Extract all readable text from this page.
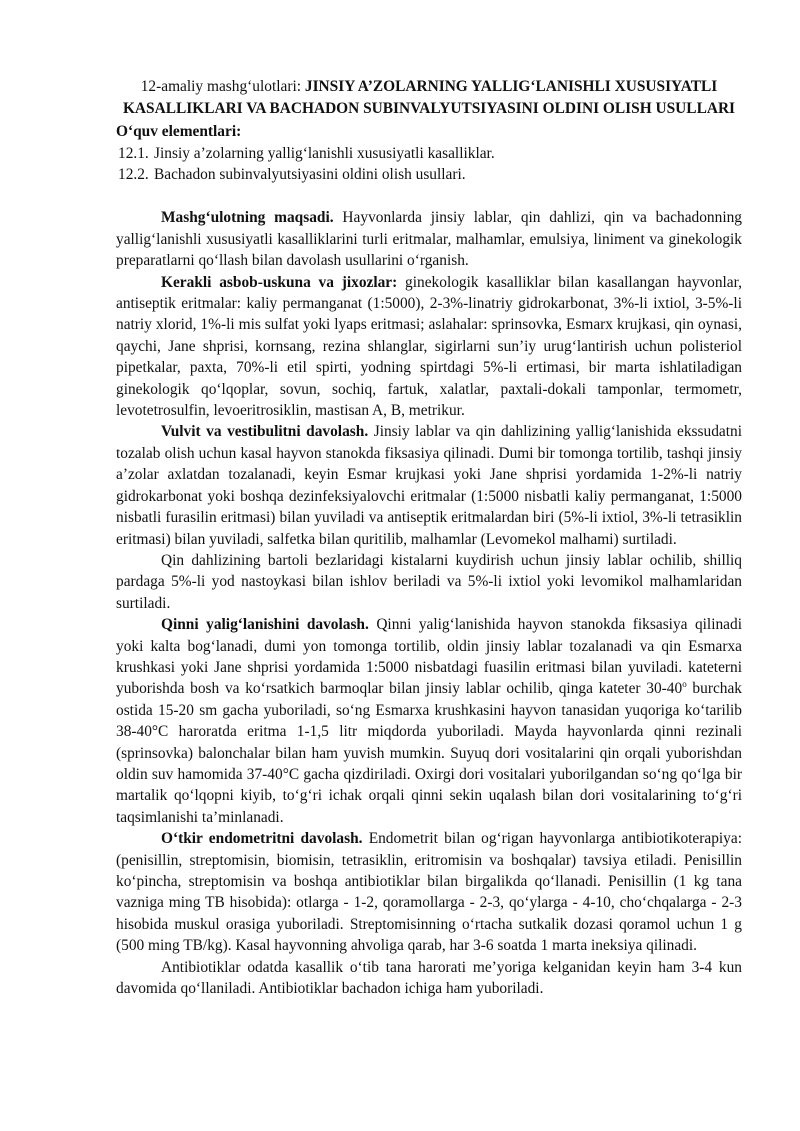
12-amaliy mashg‘ulotlari: JINSIY A’ZOLARNING YALLIG‘LANISHLI XUSUSIYATLI KASALLIKLARI VA BACHADON SUBINVALYUTSIYASINI OLDINI OLISH USULLARI

O‘quv elementlari:

12.1. Jinsiy a’zolarning yallig‘lanishli xususiyatli kasalliklar.
12.2. Bachadon subinvalyutsiyasini oldini olish usullari.

Mashg‘ulotning maqsadi. Hayvonlarda jinsiy lablar, qin dahlizi, qin va bachadonning yallig‘lanishli xususiyatli kasalliklarini turli eritmalar, malhamlar, emulsiya, liniment va ginekologik preparatlarni qo‘llash bilan davolash usullarini o‘rganish.

Kerakli asbob-uskuna va jixozlar: ginekologik kasalliklar bilan kasallangan hayvonlar, antiseptik eritmalar: kaliy permanganat (1:5000), 2-3%-linatriy gidrokarbonat, 3%-li ixtiol, 3-5%-li natriy xlorid, 1%-li mis sulfat yoki lyaps eritmasi; aslahalar: sprinsovka, Esmarx krujkasi, qin oynasi, qaychi, Jane shprisi, kornsang, rezina shlanglar, sigirlarni sun’iy urug‘lantirish uchun polisteriol pipetkalar, paxta, 70%-li etil spirti, yodning spirtdagi 5%-li ertimasi, bir marta ishlatiladigan ginekologik qo‘lqoplar, sovun, sochiq, fartuk, xalatlar, paxtali-dokali tamponlar, termometr, levotetrosulfin, levoeritrosiklin, mastisan A, B, metrikur.

Vulvit va vestibulitni davolash. Jinsiy lablar va qin dahlizining yallig‘lanishida ekssudatni tozalab olish uchun kasal hayvon stanokda fiksasiya qilinadi. Dumi bir tomonga tortilib, tashqi jinsiy a’zolar axlatdan tozalanadi, keyin Esmar krujkasi yoki Jane shprisi yordamida 1-2%-li natriy gidrokarbonat yoki boshqa dezinfeksiyalovchi eritmalar (1:5000 nisbatli kaliy permanganat, 1:5000 nisbatli furasilin eritmasi) bilan yuviladi va antiseptik eritmalardan biri (5%-li ixtiol, 3%-li tetrasiklin eritmasi) bilan yuviladi, salfetka bilan quritilib, malhamlar (Levomekol malhami) surtiladi.

Qin dahlizining bartoli bezlaridagi kistalarni kuydirish uchun jinsiy lablar ochilib, shilliq pardaga 5%-li yod nastoykasi bilan ishlov beriladi va 5%-li ixtiol yoki levomikol malhamlaridan surtiladi.

Qinni yalig‘lanishini davolash. Qinni yalig‘lanishida hayvon stanokda fiksasiya qilinadi yoki kalta bog‘lanadi, dumi yon tomonga tortilib, oldin jinsiy lablar tozalanadi va qin Esmarxa krushkasi yoki Jane shprisi yordamida 1:5000 nisbatdagi fuasilin eritmasi bilan yuviladi. kateterni yuborishda bosh va ko‘rsatkich barmoqlar bilan jinsiy lablar ochilib, qinga kateter 30-40$^o$ burchak ostida 15-20 sm gacha yuboriladi, so‘ng Esmarxa krushkasini hayvon tanasidan yuqoriga ko‘tarilib 38-40°C haroratda eritma 1-1,5 litr miqdorda yuboriladi. Mayda hayvonlarda qinni rezinali (sprinsovka) balonchalar bilan ham yuvish mumkin. Suyuq dori vositalarini qin orqali yuborishdan oldin suv hamomida 37-40°C gacha qizdiriladi. Oxirgi dori vositalari yuborilgandan so‘ng qo‘lga bir martalik qo‘lqopni kiyib, to‘g‘ri ichak orqali qinni sekin uqalash bilan dori vositalarining to‘g‘ri taqsimlanishi ta’minlanadi.

O‘tkir endometritni davolash. Endometrit bilan og‘rigan hayvonlarga antibiotikoterapiya: (penisillin, streptomisin, biomisin, tetrasiklin, eritromisin va boshqalar) tavsiya etiladi. Penisillin ko‘pincha, streptomisin va boshqa antibiotiklar bilan birgalikda qo‘llanadi. Penisillin (1 kg tana vazniga ming TB hisobida): otlarga - 1-2, qoramollarga - 2-3, qo‘ylarga - 4-10, cho‘chqalarga - 2-3 hisobida muskul orasiga yuboriladi. Streptomisinning o‘rtacha sutkalik dozasi qoramol uchun 1 g (500 ming TB/kg). Kasal hayvonning ahvoliga qarab, har 3-6 soatda 1 marta ineksiya qilinadi.

Antibiotiklar odatda kasallik o‘tib tana harorati me’yoriga kelganidan keyin ham 3-4 kun davomida qo‘llaniladi. Antibiotiklar bachadon ichiga ham yuboriladi.
